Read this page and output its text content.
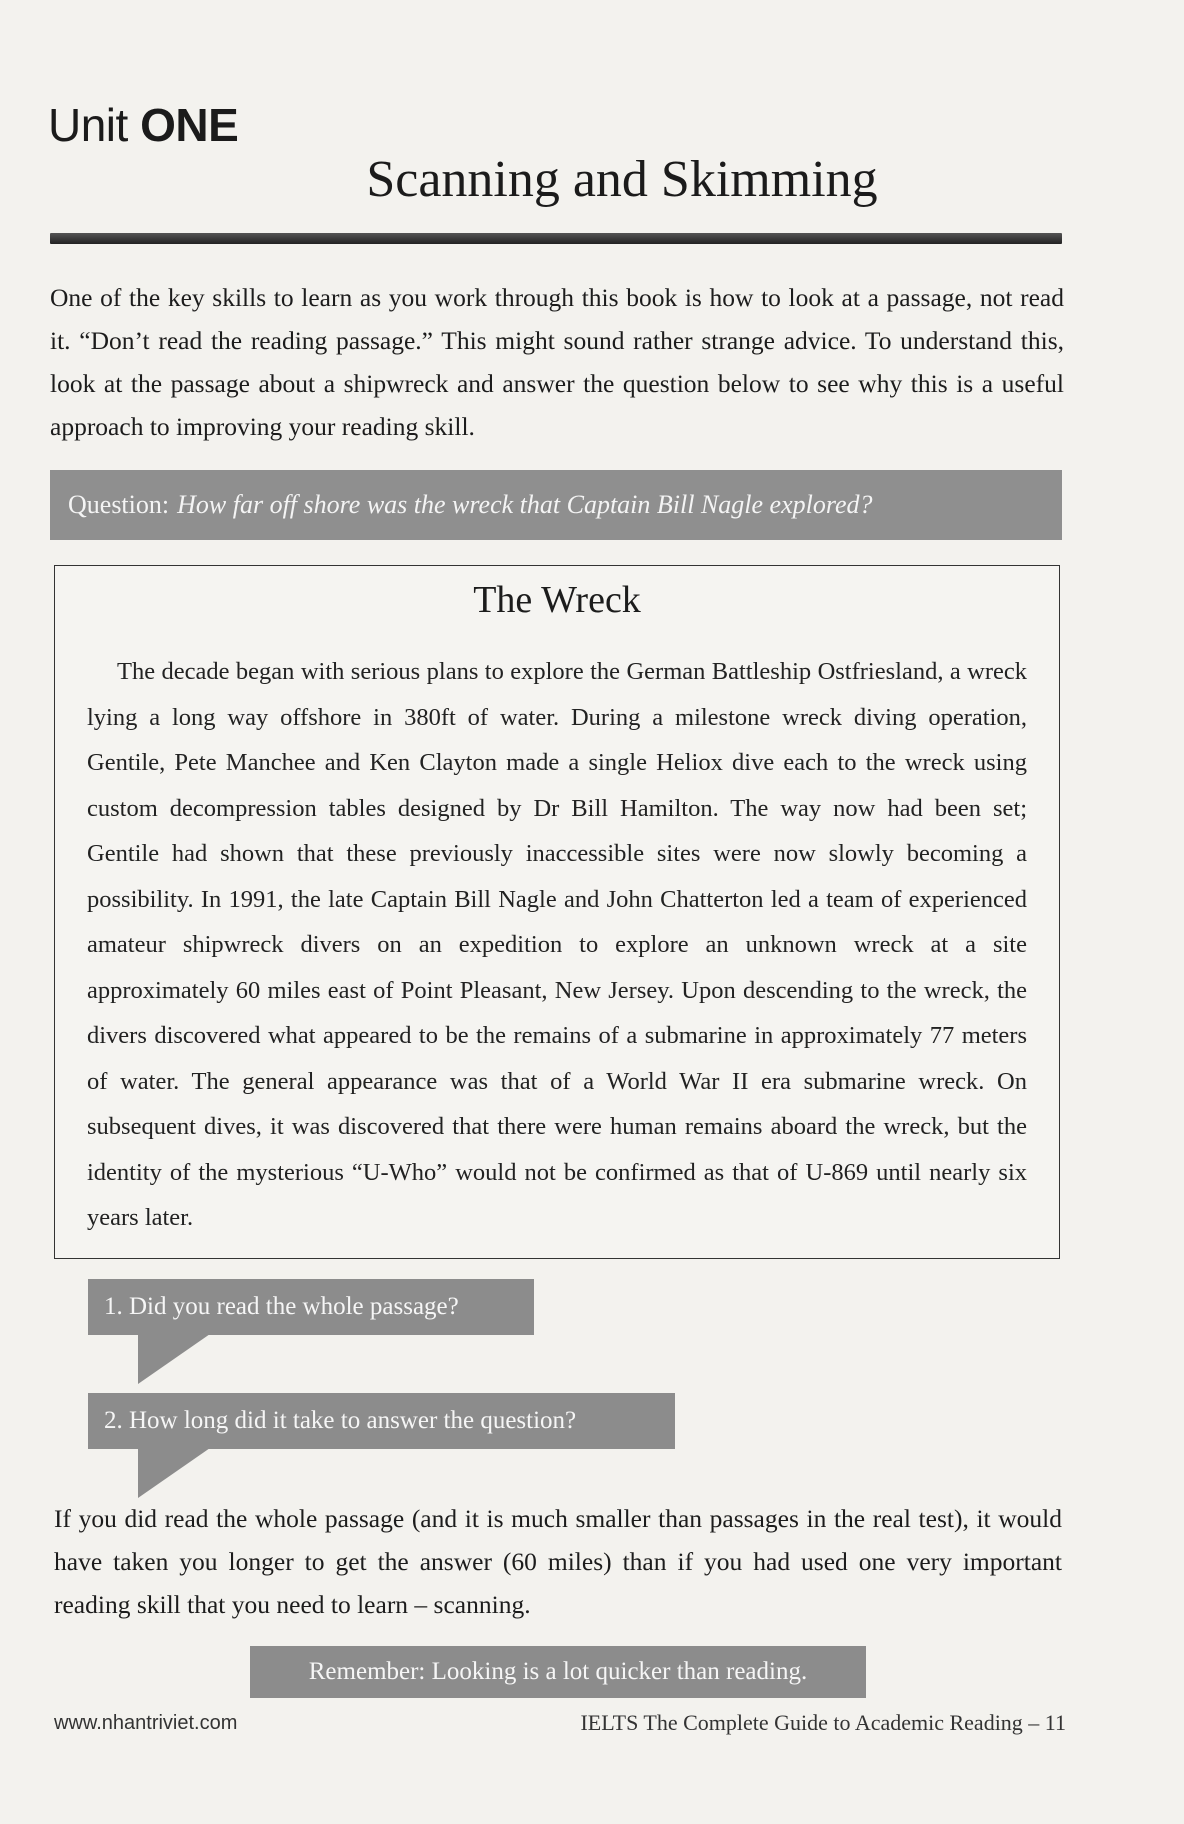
Unit ONE
Scanning and Skimming

One of the key skills to learn as you work through this book is how to look at a passage, not read it. “Don’t read the reading passage.” This might sound rather strange advice. To understand this, look at the passage about a shipwreck and answer the question below to see why this is a useful approach to improving your reading skill.

Question: How far off shore was the wreck that Captain Bill Nagle explored?
The Wreck

The decade began with serious plans to explore the German Battleship Ostfriesland, a wreck lying a long way offshore in 380ft of water. During a milestone wreck diving operation, Gentile, Pete Manchee and Ken Clayton made a single Heliox dive each to the wreck using custom decompression tables designed by Dr Bill Hamilton. The way now had been set; Gentile had shown that these previously inaccessible sites were now slowly becoming a possibility. In 1991, the late Captain Bill Nagle and John Chatterton led a team of experienced amateur shipwreck divers on an expedition to explore an unknown wreck at a site approximately 60 miles east of Point Pleasant, New Jersey. Upon descending to the wreck, the divers discovered what appeared to be the remains of a submarine in approximately 77 meters of water. The general appearance was that of a World War II era submarine wreck. On subsequent dives, it was discovered that there were human remains aboard the wreck, but the identity of the mysterious “U-Who” would not be confirmed as that of U-869 until nearly six years later.

1. Did you read the whole passage?
2. How long did it take to answer the question?

If you did read the whole passage (and it is much smaller than passages in the real test), it would have taken you longer to get the answer (60 miles) than if you had used one very important reading skill that you need to learn – scanning.

Remember: Looking is a lot quicker than reading.
www.nhantriviet.com	IELTS The Complete Guide to Academic Reading – 11
